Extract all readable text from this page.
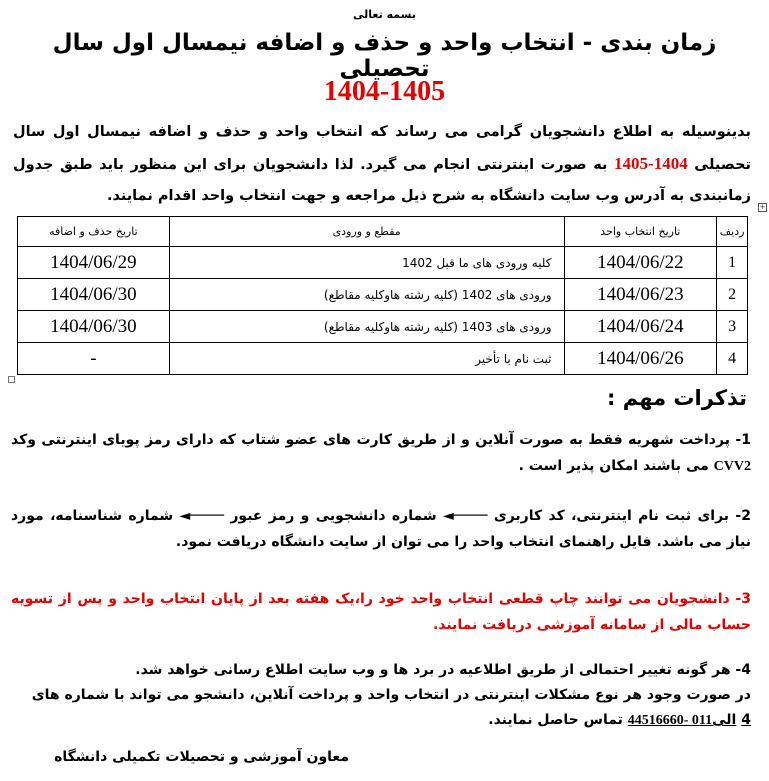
بسمه تعالی
زمان بندی - انتخاب واحد و حذف و اضافه نیمسال اول سال تحصیلی
1404-1405
بدینوسیله به اطلاع دانشجویان گرامی می رساند که انتخاب واحد و حذف و اضافه نیمسال اول سال تحصیلی 1404-1405 به صورت اینترنتی انجام می گیرد. لذا دانشجویان برای این منظور باید طبق جدول زمانبندی به آدرس وب سایت دانشگاه به شرح ذیل مراجعه و جهت انتخاب واحد اقدام نمایند.
+
ردیف	تاریخ انتخاب واحد	مقطع و ورودی	تاریخ حذف و اضافه
1	1404/06/22	کلیه ورودی های ما قبل 1402	1404/06/29
2	1404/06/23	ورودی های 1402 (کلیه رشته هاوکلیه مقاطع)	1404/06/30
3	1404/06/24	ورودی های 1403 (کلیه رشته هاوکلیه مقاطع)	1404/06/30
4	1404/06/26	ثبت نام با تأخیر	-
تذکرات مهم :
1- پرداخت شهریه فقط به صورت آنلاین و از طریق کارت های عضو شتاب که دارای رمز پویای اینترنتی وکد CVV2 می باشند امکان پذیر است .
2- برای ثبت نام اینترنتی، کد کاربری ◄──── شماره دانشجویی و رمز عبور ◄──── شماره شناسنامه، مورد نیاز می باشد. فایل راهنمای انتخاب واحد را می توان از سایت دانشگاه دریافت نمود.
3- دانشجویان می توانند چاپ قطعی انتخاب واحد خود را،یک هفته بعد از پایان انتخاب واحد و پس از تسویه حساب مالی از سامانه آموزشی دریافت نمایند.
4- هر گونه تغییر احتمالی از طریق اطلاعیه در برد ها و وب سایت اطلاع رسانی خواهد شد.
در صورت وجود هر نوع مشکلات اینترنتی در انتخاب واحد و پرداخت آنلاین، دانشجو می تواند با شماره های
4 الی44516660- 011 تماس حاصل نمایند.
معاون آموزشی و تحصیلات تکمیلی دانشگاه
